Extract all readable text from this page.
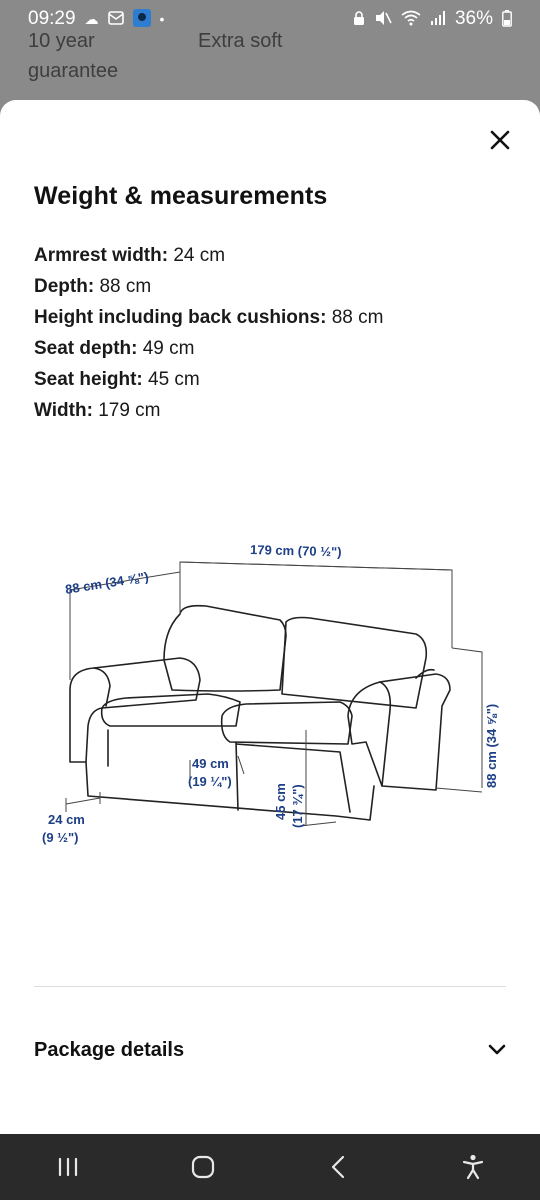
09:29 ☁	•	36%
10 year guarantee
Extra soft
Weight & measurements
Armrest width: 24 cm
Depth: 88 cm
Height including back cushions: 88 cm
Seat depth: 49 cm
Seat height: 45 cm
Width: 179 cm
88 cm (34 ⅝")
179 cm (70 ½")
49 cm
(19 ¼")
45 cm (17 ¾")
88 cm (34 ⅝")
24 cm
(9 ½")
Package details
